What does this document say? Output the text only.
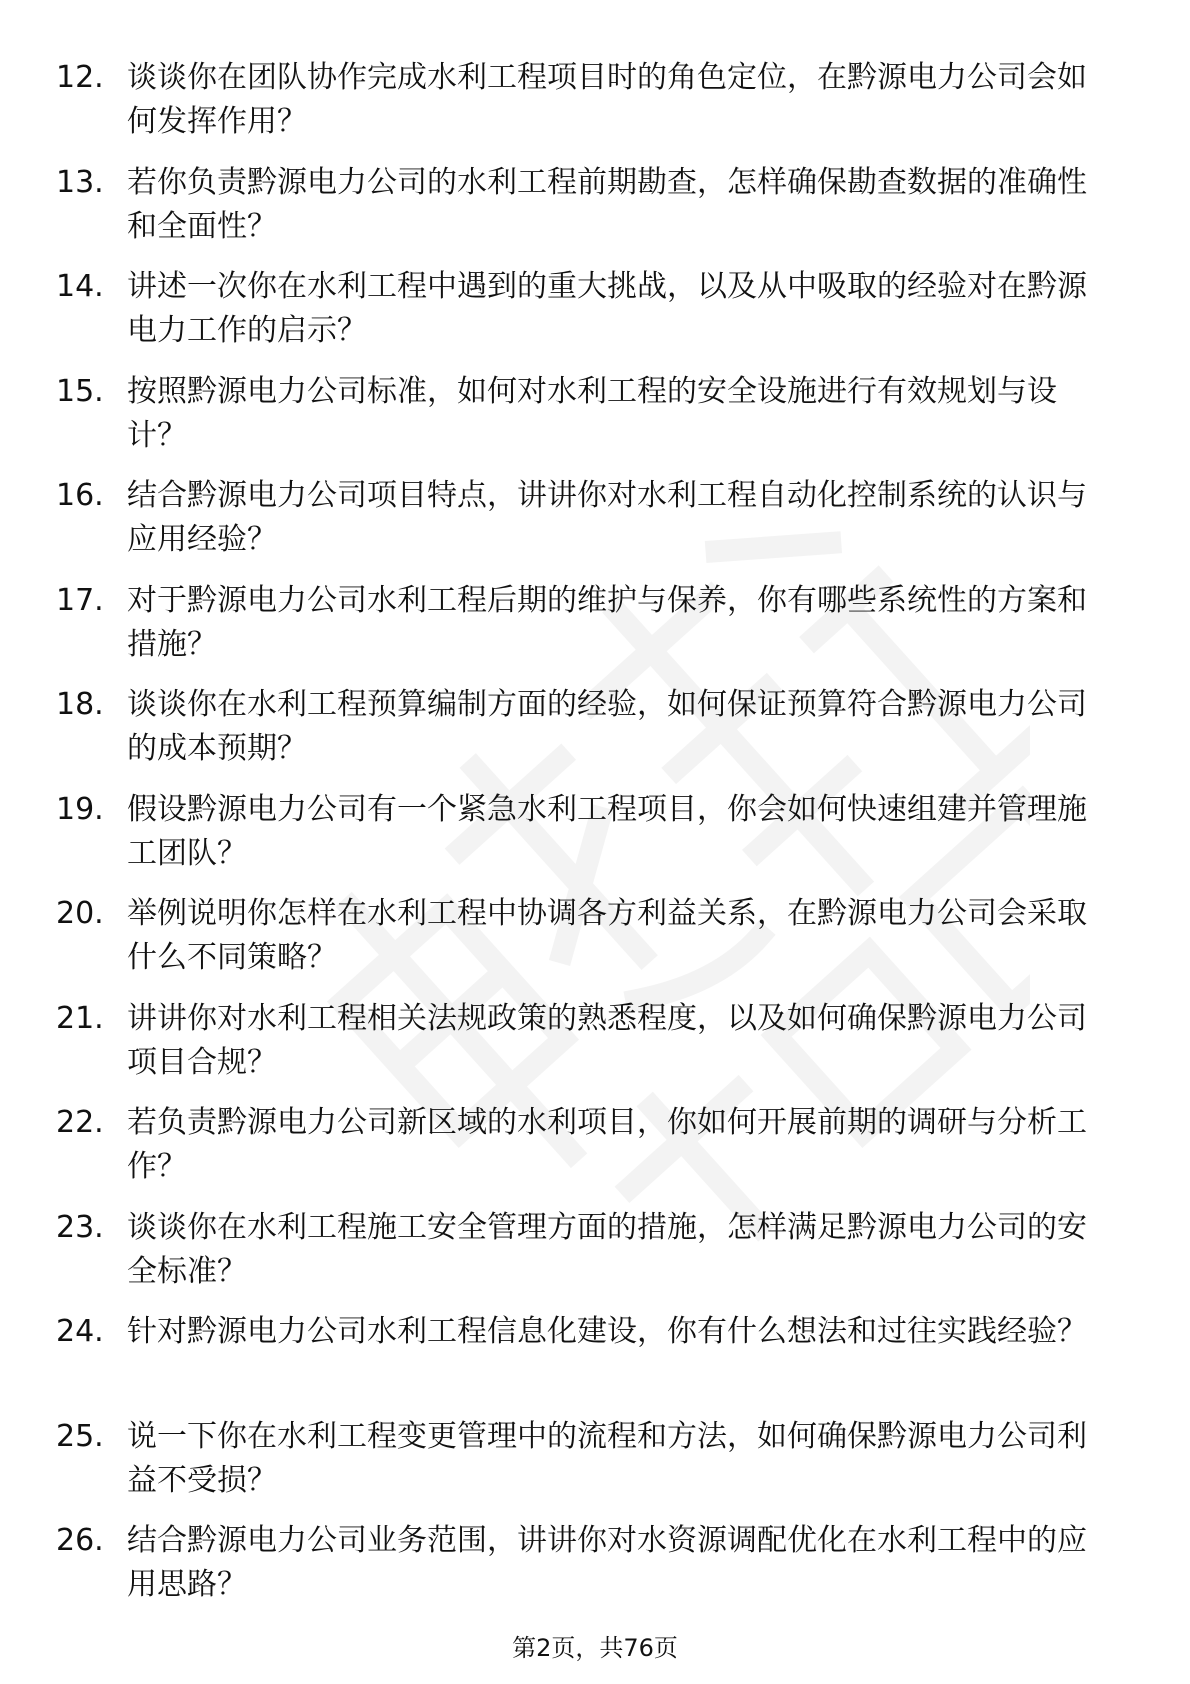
12. 谈谈你在团队协作完成水利工程项目时的角色定位，在黔源电力公司会如何发挥作用？
13. 若你负责黔源电力公司的水利工程前期勘查，怎样确保勘查数据的准确性和全面性？
14. 讲述一次你在水利工程中遇到的重大挑战，以及从中吸取的经验对在黔源电力工作的启示？
15. 按照黔源电力公司标准，如何对水利工程的安全设施进行有效规划与设计？
16. 结合黔源电力公司项目特点，讲讲你对水利工程自动化控制系统的认识与应用经验？
17. 对于黔源电力公司水利工程后期的维护与保养，你有哪些系统性的方案和措施？
18. 谈谈你在水利工程预算编制方面的经验，如何保证预算符合黔源电力公司的成本预期？
19. 假设黔源电力公司有一个紧急水利工程项目，你会如何快速组建并管理施工团队？
20. 举例说明你怎样在水利工程中协调各方利益关系，在黔源电力公司会采取什么不同策略？
21. 讲讲你对水利工程相关法规政策的熟悉程度，以及如何确保黔源电力公司项目合规？
22. 若负责黔源电力公司新区域的水利项目，你如何开展前期的调研与分析工作？
23. 谈谈你在水利工程施工安全管理方面的措施，怎样满足黔源电力公司的安全标准？
24. 针对黔源电力公司水利工程信息化建设，你有什么想法和过往实践经验？
25. 说一下你在水利工程变更管理中的流程和方法，如何确保黔源电力公司利益不受损？
26. 结合黔源电力公司业务范围，讲讲你对水资源调配优化在水利工程中的应用思路？
第2页，共76页
